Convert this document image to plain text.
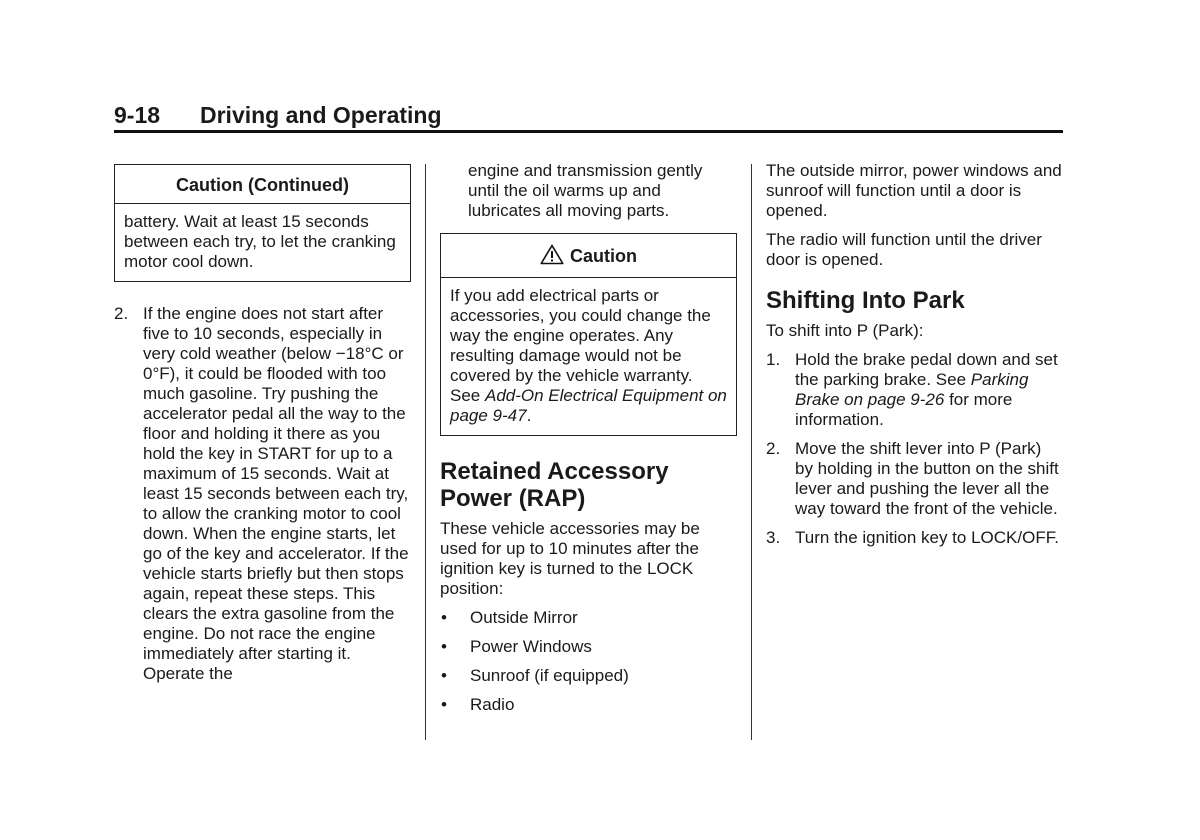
9-18 Driving and Operating
Caution (Continued)
battery. Wait at least 15 seconds between each try, to let the cranking motor cool down.
2. If the engine does not start after five to 10 seconds, especially in very cold weather (below −18°C or 0°F), it could be flooded with too much gasoline. Try pushing the accelerator pedal all the way to the floor and holding it there as you hold the key in START for up to a maximum of 15 seconds. Wait at least 15 seconds between each try, to allow the cranking motor to cool down. When the engine starts, let go of the key and accelerator. If the vehicle starts briefly but then stops again, repeat these steps. This clears the extra gasoline from the engine. Do not race the engine immediately after starting it. Operate the

engine and transmission gently until the oil warms up and lubricates all moving parts.

Caution
If you add electrical parts or accessories, you could change the way the engine operates. Any resulting damage would not be covered by the vehicle warranty. See Add-On Electrical Equipment on page 9-47.
Retained Accessory Power (RAP)

These vehicle accessories may be used for up to 10 minutes after the ignition key is turned to the LOCK position:

•	Outside Mirror
•	Power Windows
•	Sunroof (if equipped)
•	Radio

The outside mirror, power windows and sunroof will function until a door is opened.

The radio will function until the driver door is opened.

Shifting Into Park

To shift into P (Park):

1. Hold the brake pedal down and set the parking brake. See Parking Brake on page 9-26 for more information.
2. Move the shift lever into P (Park) by holding in the button on the shift lever and pushing the lever all the way toward the front of the vehicle.
3. Turn the ignition key to LOCK/OFF.
